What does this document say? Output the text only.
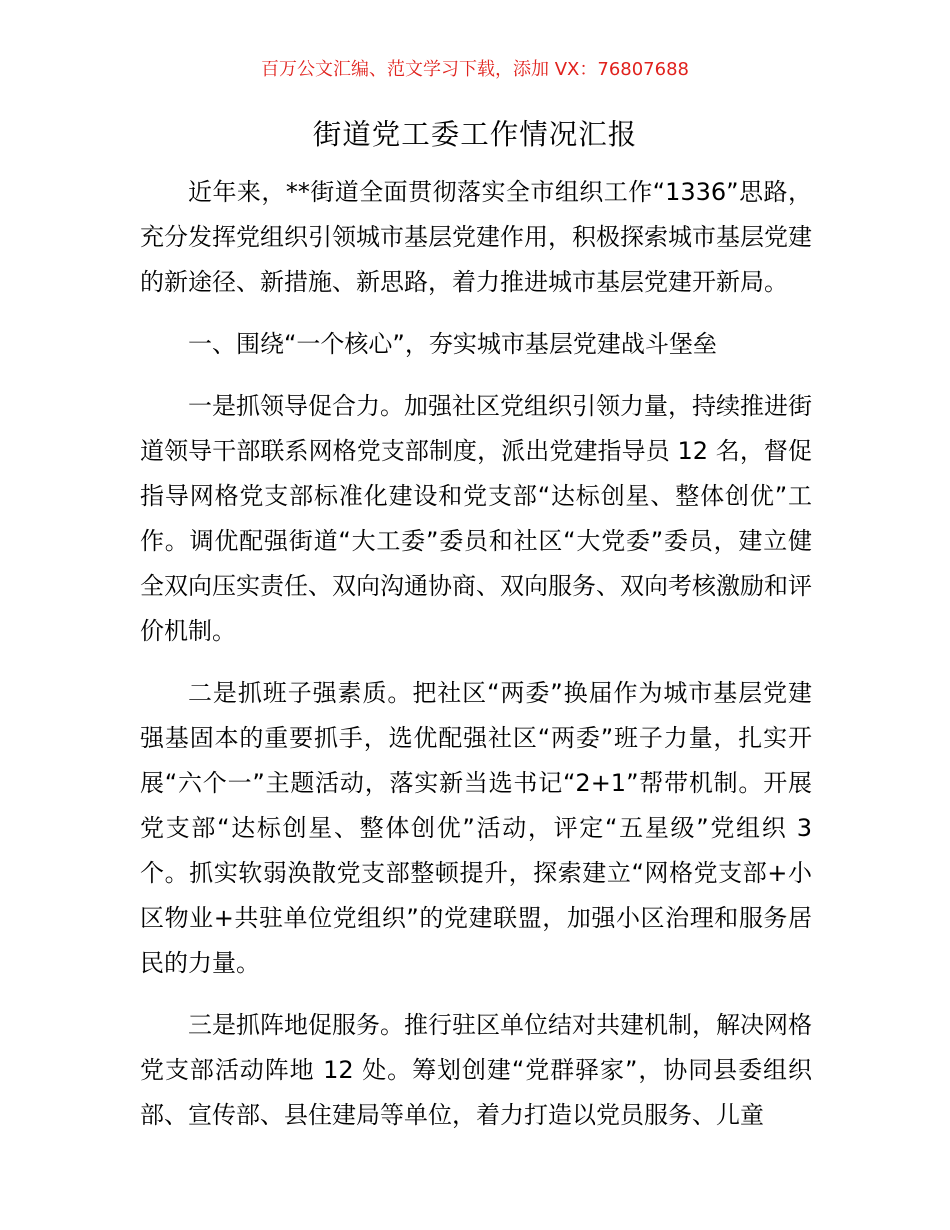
百万公文汇编、范文学习下载，添加 VX：76807688
街道党工委工作情况汇报

近年来，**街道全面贯彻落实全市组织工作“1336”思路，充分发挥党组织引领城市基层党建作用，积极探索城市基层党建的新途径、新措施、新思路，着力推进城市基层党建开新局。

一、围绕“一个核心”，夯实城市基层党建战斗堡垒

一是抓领导促合力。加强社区党组织引领力量，持续推进街道领导干部联系网格党支部制度，派出党建指导员 12 名，督促指导网格党支部标准化建设和党支部“达标创星、整体创优”工作。调优配强街道“大工委”委员和社区“大党委”委员，建立健全双向压实责任、双向沟通协商、双向服务、双向考核激励和评价机制。

二是抓班子强素质。把社区“两委”换届作为城市基层党建强基固本的重要抓手，选优配强社区“两委”班子力量，扎实开展“六个一”主题活动，落实新当选书记“2+1”帮带机制。开展党支部“达标创星、整体创优”活动，评定“五星级”党组织 3 个。抓实软弱涣散党支部整顿提升，探索建立“网格党支部+小区物业+共驻单位党组织”的党建联盟，加强小区治理和服务居民的力量。

三是抓阵地促服务。推行驻区单位结对共建机制，解决网格党支部活动阵地 12 处。筹划创建“党群驿家”，协同县委组织部、宣传部、县住建局等单位，着力打造以党员服务、儿童
